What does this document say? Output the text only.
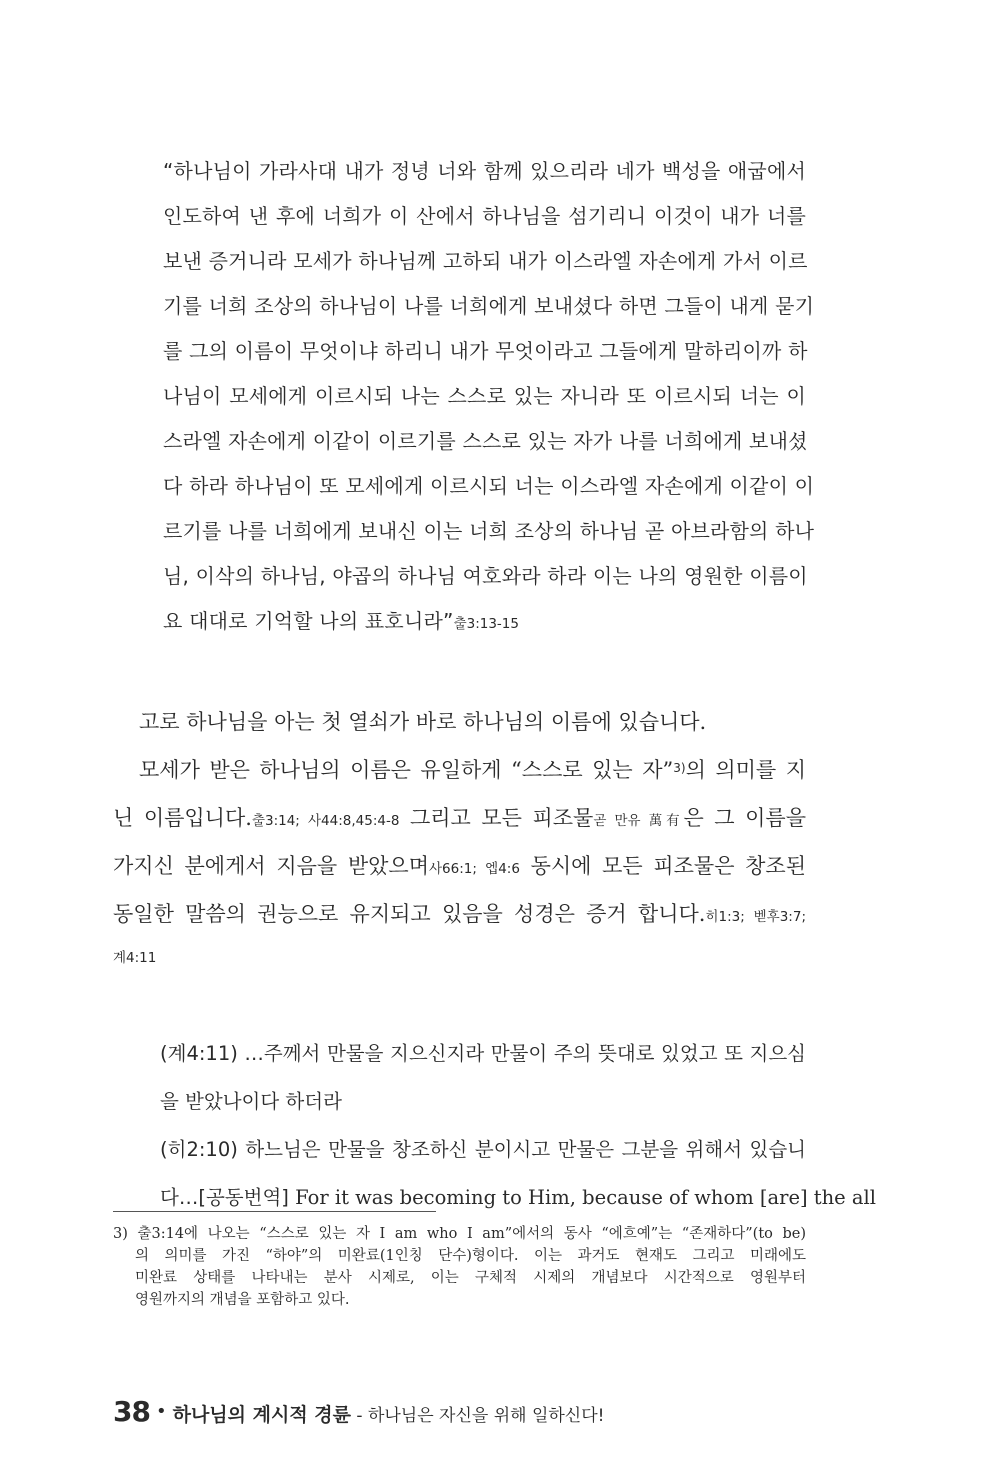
“하나님이 가라사대 내가 정녕 너와 함께 있으리라 네가 백성을 애굽에서
인도하여 낸 후에 너희가 이 산에서 하나님을 섬기리니 이것이 내가 너를
보낸 증거니라 모세가 하나님께 고하되 내가 이스라엘 자손에게 가서 이르
기를 너희 조상의 하나님이 나를 너희에게 보내셨다 하면 그들이 내게 묻기
를 그의 이름이 무엇이냐 하리니 내가 무엇이라고 그들에게 말하리이까 하
나님이 모세에게 이르시되 나는 스스로 있는 자니라 또 이르시되 너는 이
스라엘 자손에게 이같이 이르기를 스스로 있는 자가 나를 너희에게 보내셨
다 하라 하나님이 또 모세에게 이르시되 너는 이스라엘 자손에게 이같이 이
르기를 나를 너희에게 보내신 이는 너희 조상의 하나님 곧 아브라함의 하나
님, 이삭의 하나님, 야곱의 하나님 여호와라 하라 이는 나의 영원한 이름이
요 대대로 기억할 나의 표호니라”출3:13-15
고로 하나님을 아는 첫 열쇠가 바로 하나님의 이름에 있습니다.
모세가 받은 하나님의 이름은 유일하게 “스스로 있는 자”$^{3)}$의 의미를 지
닌 이름입니다.출3:14; 사44:8,45:4-8 그리고 모든 피조물곧 만유 萬有은 그 이름을
가지신 분에게서 지음을 받았으며사66:1; 엡4:6 동시에 모든 피조물은 창조된
동일한 말씀의 권능으로 유지되고 있음을 성경은 증거 합니다.히1:3; 벧후3:7;
계4:11
(계4:11) …주께서 만물을 지으신지라 만물이 주의 뜻대로 있었고 또 지으심
을 받았나이다 하더라
(히2:10) 하느님은 만물을 창조하신 분이시고 만물은 그분을 위해서 있습니
다…[공동번역] For it was becoming to Him, because of whom [are] the all
3) 출3:14에 나오는 “스스로 있는 자 I am who I am”에서의 동사 “에흐예”는 “존재하다”(to be)
의 의미를 가진 “하야”의 미완료(1인칭 단수)형이다. 이는 과거도 현재도 그리고 미래에도
미완료 상태를 나타내는 분사 시제로, 이는 구체적 시제의 개념보다 시간적으로 영원부터
영원까지의 개념을 포함하고 있다.
38 • 하나님의 계시적 경륜 - 하나님은 자신을 위해 일하신다!
